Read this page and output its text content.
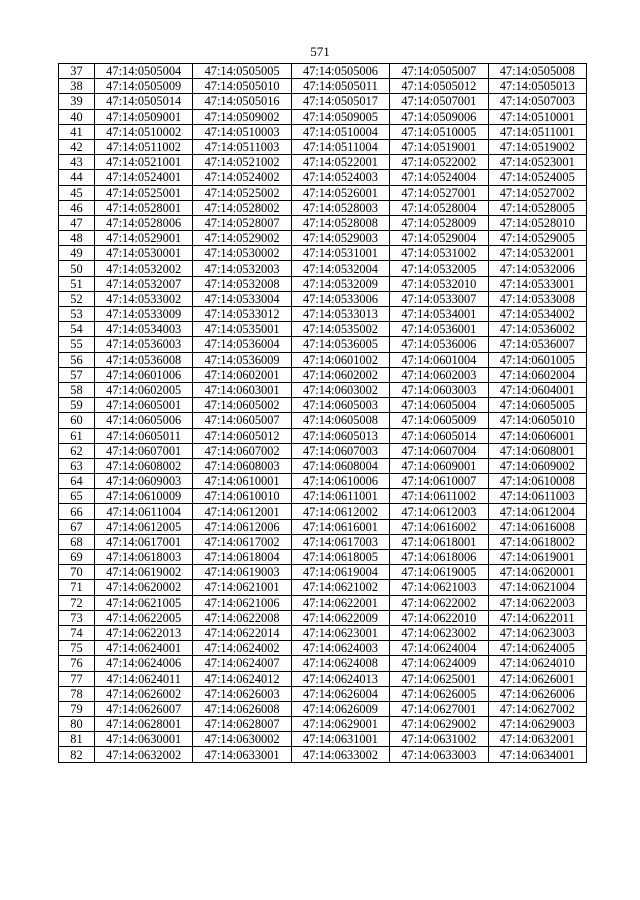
571
37	47:14:0505004	47:14:0505005	47:14:0505006	47:14:0505007	47:14:0505008
38	47:14:0505009	47:14:0505010	47:14:0505011	47:14:0505012	47:14:0505013
39	47:14:0505014	47:14:0505016	47:14:0505017	47:14:0507001	47:14:0507003
40	47:14:0509001	47:14:0509002	47:14:0509005	47:14:0509006	47:14:0510001
41	47:14:0510002	47:14:0510003	47:14:0510004	47:14:0510005	47:14:0511001
42	47:14:0511002	47:14:0511003	47:14:0511004	47:14:0519001	47:14:0519002
43	47:14:0521001	47:14:0521002	47:14:0522001	47:14:0522002	47:14:0523001
44	47:14:0524001	47:14:0524002	47:14:0524003	47:14:0524004	47:14:0524005
45	47:14:0525001	47:14:0525002	47:14:0526001	47:14:0527001	47:14:0527002
46	47:14:0528001	47:14:0528002	47:14:0528003	47:14:0528004	47:14:0528005
47	47:14:0528006	47:14:0528007	47:14:0528008	47:14:0528009	47:14:0528010
48	47:14:0529001	47:14:0529002	47:14:0529003	47:14:0529004	47:14:0529005
49	47:14:0530001	47:14:0530002	47:14:0531001	47:14:0531002	47:14:0532001
50	47:14:0532002	47:14:0532003	47:14:0532004	47:14:0532005	47:14:0532006
51	47:14:0532007	47:14:0532008	47:14:0532009	47:14:0532010	47:14:0533001
52	47:14:0533002	47:14:0533004	47:14:0533006	47:14:0533007	47:14:0533008
53	47:14:0533009	47:14:0533012	47:14:0533013	47:14:0534001	47:14:0534002
54	47:14:0534003	47:14:0535001	47:14:0535002	47:14:0536001	47:14:0536002
55	47:14:0536003	47:14:0536004	47:14:0536005	47:14:0536006	47:14:0536007
56	47:14:0536008	47:14:0536009	47:14:0601002	47:14:0601004	47:14:0601005
57	47:14:0601006	47:14:0602001	47:14:0602002	47:14:0602003	47:14:0602004
58	47:14:0602005	47:14:0603001	47:14:0603002	47:14:0603003	47:14:0604001
59	47:14:0605001	47:14:0605002	47:14:0605003	47:14:0605004	47:14:0605005
60	47:14:0605006	47:14:0605007	47:14:0605008	47:14:0605009	47:14:0605010
61	47:14:0605011	47:14:0605012	47:14:0605013	47:14:0605014	47:14:0606001
62	47:14:0607001	47:14:0607002	47:14:0607003	47:14:0607004	47:14:0608001
63	47:14:0608002	47:14:0608003	47:14:0608004	47:14:0609001	47:14:0609002
64	47:14:0609003	47:14:0610001	47:14:0610006	47:14:0610007	47:14:0610008
65	47:14:0610009	47:14:0610010	47:14:0611001	47:14:0611002	47:14:0611003
66	47:14:0611004	47:14:0612001	47:14:0612002	47:14:0612003	47:14:0612004
67	47:14:0612005	47:14:0612006	47:14:0616001	47:14:0616002	47:14:0616008
68	47:14:0617001	47:14:0617002	47:14:0617003	47:14:0618001	47:14:0618002
69	47:14:0618003	47:14:0618004	47:14:0618005	47:14:0618006	47:14:0619001
70	47:14:0619002	47:14:0619003	47:14:0619004	47:14:0619005	47:14:0620001
71	47:14:0620002	47:14:0621001	47:14:0621002	47:14:0621003	47:14:0621004
72	47:14:0621005	47:14:0621006	47:14:0622001	47:14:0622002	47:14:0622003
73	47:14:0622005	47:14:0622008	47:14:0622009	47:14:0622010	47:14:0622011
74	47:14:0622013	47:14:0622014	47:14:0623001	47:14:0623002	47:14:0623003
75	47:14:0624001	47:14:0624002	47:14:0624003	47:14:0624004	47:14:0624005
76	47:14:0624006	47:14:0624007	47:14:0624008	47:14:0624009	47:14:0624010
77	47:14:0624011	47:14:0624012	47:14:0624013	47:14:0625001	47:14:0626001
78	47:14:0626002	47:14:0626003	47:14:0626004	47:14:0626005	47:14:0626006
79	47:14:0626007	47:14:0626008	47:14:0626009	47:14:0627001	47:14:0627002
80	47:14:0628001	47:14:0628007	47:14:0629001	47:14:0629002	47:14:0629003
81	47:14:0630001	47:14:0630002	47:14:0631001	47:14:0631002	47:14:0632001
82	47:14:0632002	47:14:0633001	47:14:0633002	47:14:0633003	47:14:0634001
